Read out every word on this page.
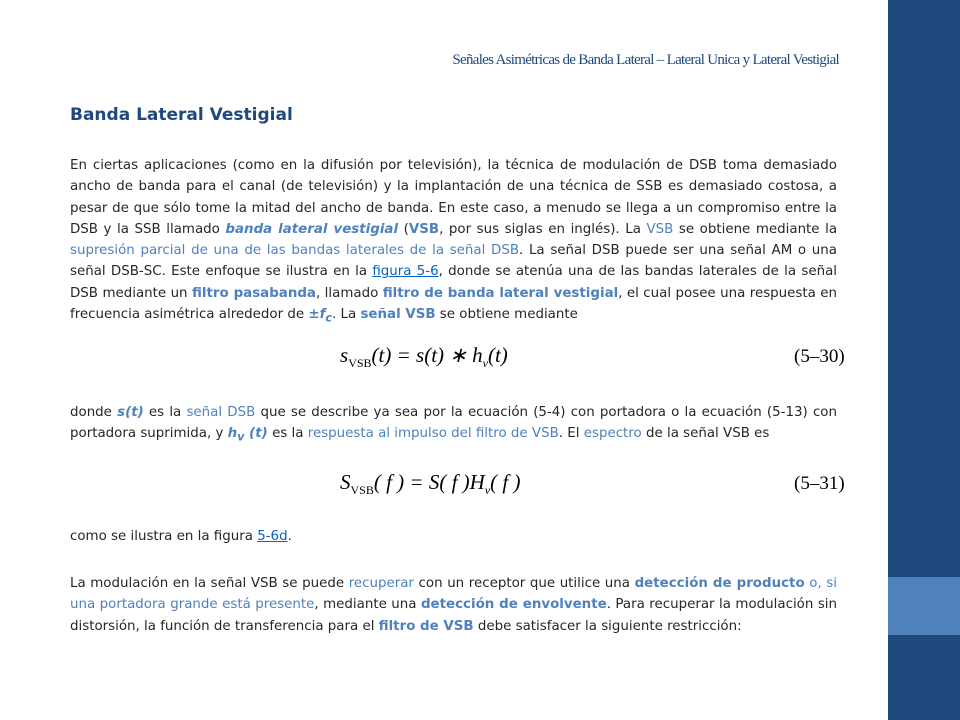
Señales Asimétricas de Banda Lateral – Lateral Unica y Lateral Vestigial
Banda Lateral Vestigial

En ciertas aplicaciones (como en la difusión por televisión), la técnica de modulación de DSB toma demasiado ancho de banda para el canal (de televisión) y la implantación de una técnica de SSB es demasiado costosa, a pesar de que sólo tome la mitad del ancho de banda. En este caso, a menudo se llega a un compromiso entre la DSB y la SSB llamado banda lateral vestigial (VSB, por sus siglas en inglés). La VSB se obtiene mediante la supresión parcial de una de las bandas laterales de la señal DSB. La señal DSB puede ser una señal AM o una señal DSB-SC. Este enfoque se ilustra en la figura 5-6, donde se atenúa una de las bandas laterales de la señal DSB mediante un filtro pasabanda, llamado filtro de banda lateral vestigial, el cual posee una respuesta en frecuencia asimétrica alrededor de $\pm f_c$. La señal VSB se obtiene mediante

$s_{VSB}(t) = s(t)$ ∗ $h_v(t)$	(5–30)

donde s(t) es la señal DSB que se describe ya sea por la ecuación (5-4) con portadora o la ecuación (5-13) con portadora suprimida, y $h_v$ (t) es la respuesta al impulso del filtro de VSB. El espectro de la señal VSB es

$S_{VSB}$( f ) = S( f )$H_v$( f )	(5–31)

como se ilustra en la figura 5-6d.

La modulación en la señal VSB se puede recuperar con un receptor que utilice una detección de producto o, si una portadora grande está presente, mediante una detección de envolvente. Para recuperar la modulación sin distorsión, la función de transferencia para el filtro de VSB debe satisfacer la siguiente restricción:
